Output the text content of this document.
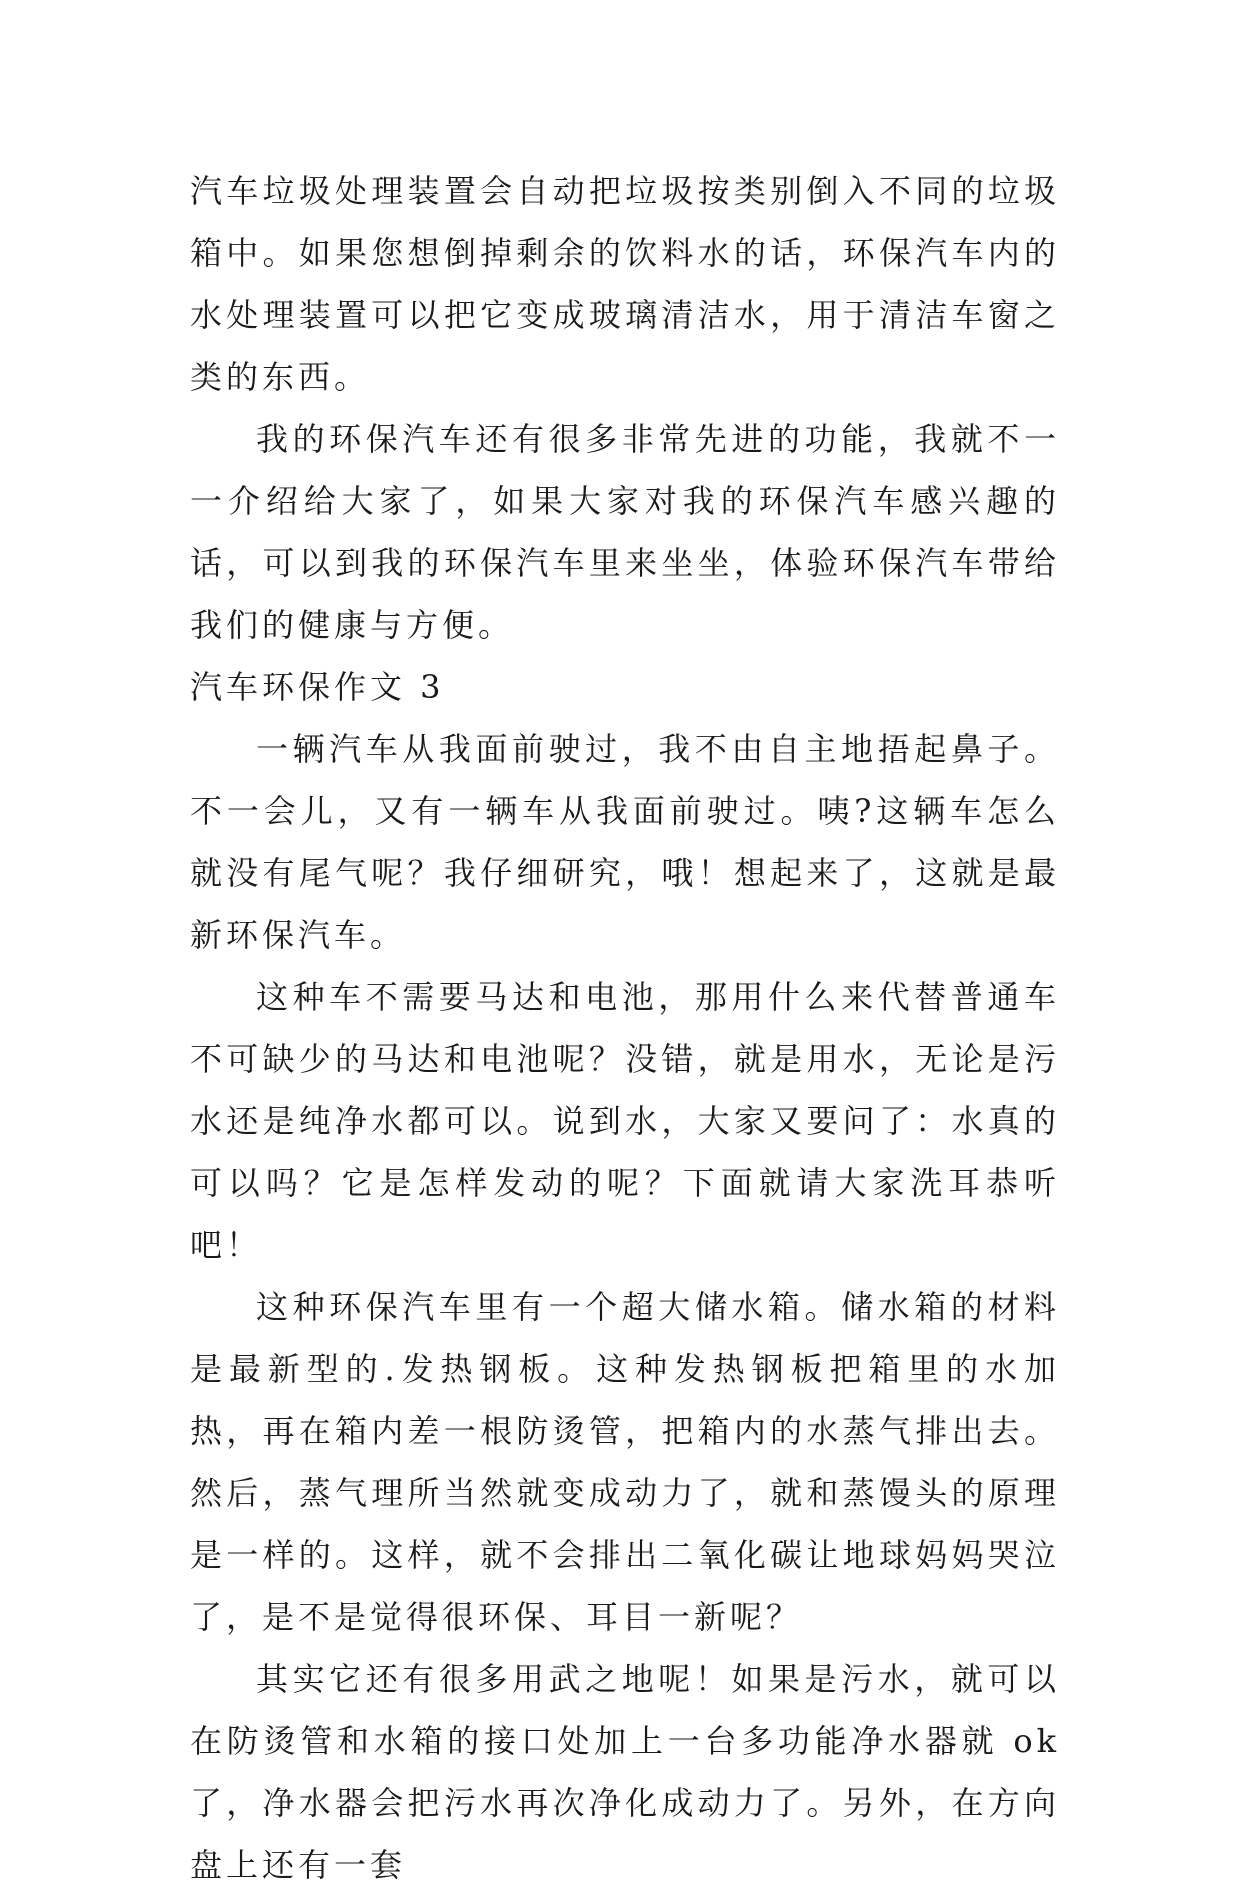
汽车垃圾处理装置会自动把垃圾按类别倒入不同的垃圾箱中。如果您想倒掉剩余的饮料水的话，环保汽车内的水处理装置可以把它变成玻璃清洁水，用于清洁车窗之类的东西。

我的环保汽车还有很多非常先进的功能，我就不一一介绍给大家了，如果大家对我的环保汽车感兴趣的话，可以到我的环保汽车里来坐坐，体验环保汽车带给我们的健康与方便。

汽车环保作文 3

一辆汽车从我面前驶过，我不由自主地捂起鼻子。不一会儿，又有一辆车从我面前驶过。咦?这辆车怎么就没有尾气呢？我仔细研究，哦！想起来了，这就是最新环保汽车。

这种车不需要马达和电池，那用什么来代替普通车不可缺少的马达和电池呢？没错，就是用水，无论是污水还是纯净水都可以。说到水，大家又要问了：水真的可以吗？它是怎样发动的呢？下面就请大家洗耳恭听吧！

这种环保汽车里有一个超大储水箱。储水箱的材料是最新型的.发热钢板。这种发热钢板把箱里的水加热，再在箱内差一根防烫管，把箱内的水蒸气排出去。然后，蒸气理所当然就变成动力了，就和蒸馒头的原理是一样的。这样，就不会排出二氧化碳让地球妈妈哭泣了，是不是觉得很环保、耳目一新呢？

其实它还有很多用武之地呢！如果是污水，就可以在防烫管和水箱的接口处加上一台多功能净水器就 ok 了，净水器会把污水再次净化成动力了。另外，在方向盘上还有一套
